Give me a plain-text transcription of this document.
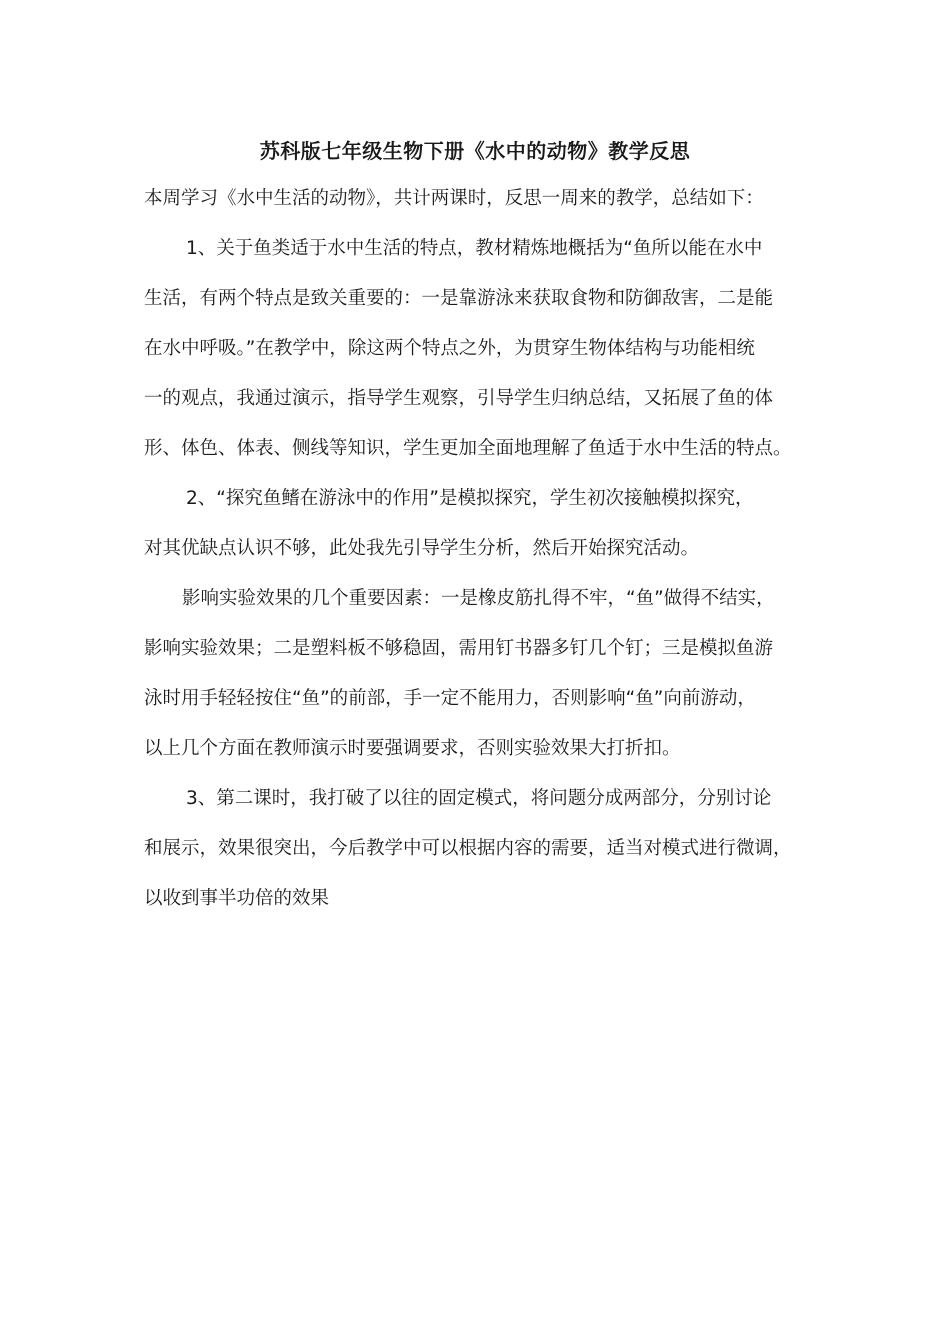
苏科版七年级生物下册《水中的动物》教学反思
本周学习《水中生活的动物》，共计两课时，反思一周来的教学，总结如下：
1、关于鱼类适于水中生活的特点，教材精炼地概括为“鱼所以能在水中
生活，有两个特点是致关重要的：一是靠游泳来获取食物和防御敌害，二是能
在水中呼吸。”在教学中，除这两个特点之外，为贯穿生物体结构与功能相统
一的观点，我通过演示，指导学生观察，引导学生归纳总结，又拓展了鱼的体
形、体色、体表、侧线等知识，学生更加全面地理解了鱼适于水中生活的特点。
2、“探究鱼鳍在游泳中的作用”是模拟探究，学生初次接触模拟探究，
对其优缺点认识不够，此处我先引导学生分析，然后开始探究活动。
影响实验效果的几个重要因素：一是橡皮筋扎得不牢，“鱼”做得不结实，
影响实验效果；二是塑料板不够稳固，需用钉书器多钉几个钉；三是模拟鱼游
泳时用手轻轻按住“鱼”的前部，手一定不能用力，否则影响“鱼”向前游动，
以上几个方面在教师演示时要强调要求，否则实验效果大打折扣。
3、第二课时，我打破了以往的固定模式，将问题分成两部分，分别讨论
和展示，效果很突出，今后教学中可以根据内容的需要，适当对模式进行微调，
以收到事半功倍的效果
